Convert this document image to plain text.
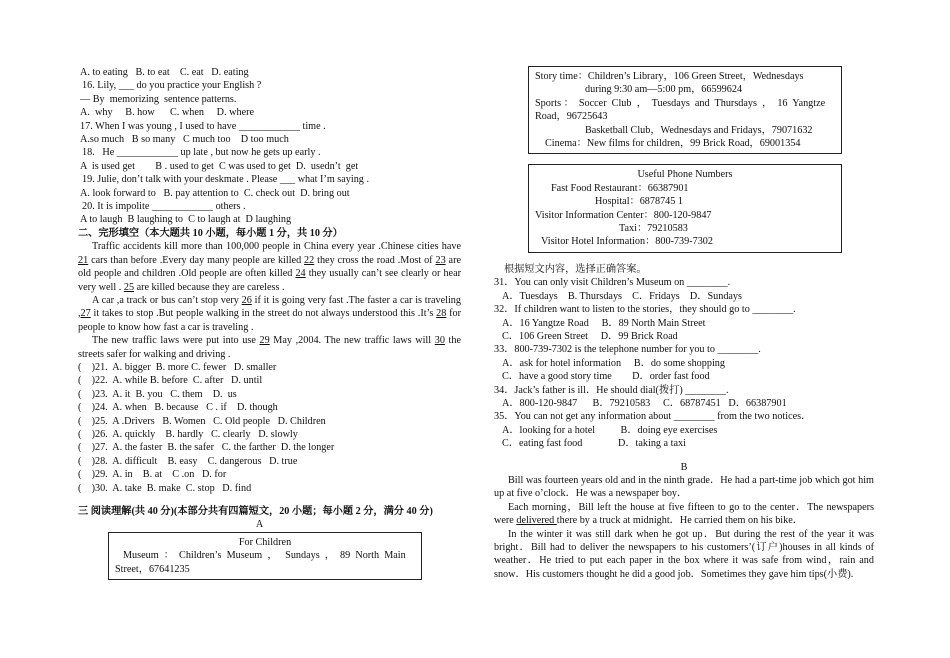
A. to eating   B. to eat    C. eat   D. eating
16. Lily, ___ do you practice your English ?
— By  memorizing  sentence patterns.
A.  why     B. how      C. when     D. where
17. When I was young , I used to have ____________ time .
A.so much   B so many   C much too    D too much
18.   He ____________ up late , but now he gets up early .
A  is used get        B . used to get  C was used to get  D.  usedn’t  get
19. Julie, don’t talk with your deskmate . Please ___ what I’m saying .
A. look forward to   B. pay attention to  C. check out  D. bring out
20. It is impolite ____________ others .
A to laugh  B laughing to  C to laugh at  D laughing
二、完形填空（本大题共 10 小题，每小题 1 分，共 10 分）
Traffic accidents kill more than 100,000 people in China every year .Chinese cities have 21 cars than before .Every day many people are killed 22 they cross the road .Most of 23 are old people and children .Old people are often killed 24 they usually can’t see clearly or hear very well . 25 are killed because they are careless .
A car ,a track or bus can’t stop very 26 if it is going very fast .The faster a car is traveling ,27 it takes to stop .But people walking in the street do not always understood this .It’s 28 for people to know how fast a car is traveling .
The new traffic laws were put into use 29 May ,2004. The new traffic laws will 30 the streets safer for walking and driving .
(    )21.  A. bigger  B. more C. fewer   D. smaller
(    )22.  A. while B. before  C. after   D. until
(    )23.  A. it  B. you   C. them    D.  us
(    )24.  A. when   B. because   C . if    D. though
(    )25.  A .Drivers   B. Women   C. Old people   D. Children
(    )26.  A. quickly    B. hardly   C. clearly   D. slowly
(    )27.  A. the faster  B. the safer   C. the farther  D. the longer
(    )28.  A. difficult    B. easy    C. dangerous   D. true
(    )29.  A. in    B. at    C .on   D. for
(    )30.  A. take  B. make  C. stop   D. find
三 阅读理解(共 40 分)(本部分共有四篇短文，20 小题；每小题 2 分，满分 40 分)
A
For Children
Museum  ：  Children’s  Museum  ，   Sundays  ，  89  North  Main
Street，67641235
Story time：Children’s Library，106 Green Street，Wednesdays
during 9:30 am—5:00 pm，66599624
Sports ：  Soccer  Club  ，  Tuesdays  and  Thursdays  ，  16  Yangtze
Road，96725643
Basketball Club，Wednesdays and Fridays，79071632
Cinema：New films for children，99 Brick Road，69001354
Useful Phone Numbers
Fast Food Restaurant：66387901
Hospital：6878745 1
Visitor Information Center：800-120-9847
Taxi：79210583
Visitor Hotel Information：800-739-7302
根据短文内容，选择正确答案。
31．You can only visit Children’s Museum on ________.
A．Tuesdays    B. Thursdays    C．Fridays    D．Sundays
32．If children want to listen to the stories，they should go to ________.
A．16 Yangtze Road     B．89 North Main Street
C．106 Green Street     D．99 Brick Road
33．800-739-7302 is the telephone number for you to ________.
A．ask for hotel information     B．do some shopping
C．have a good story time        D．order fast food
34．Jack’s father is ill．He should dial(拨打) ________.
A．800-120-9847      B．79210583     C．68787451   D．66387901
35．You can not get any information about ________ from the two notices．
A．looking for a hotel          B．doing eye exercises
C．eating fast food              D．taking a taxi
B
Bill was fourteen years old and in the ninth grade．He had a part-time job which got him up at five o’clock．He was a newspaper boy．
Each morning，Bill left the house at five fifteen to go to the center．The newspapers were delivered there by a truck at midnight．He carried them on his bike．
In the winter it was still dark when he got up．But during the rest of the year it was bright．Bill had to deliver the newspapers to his customers’(订户)houses in all kinds of weather．He tried to put each paper in the box where it was safe from wind，rain and snow．His customers thought he did a good job．Sometimes they gave him tips(小费).
